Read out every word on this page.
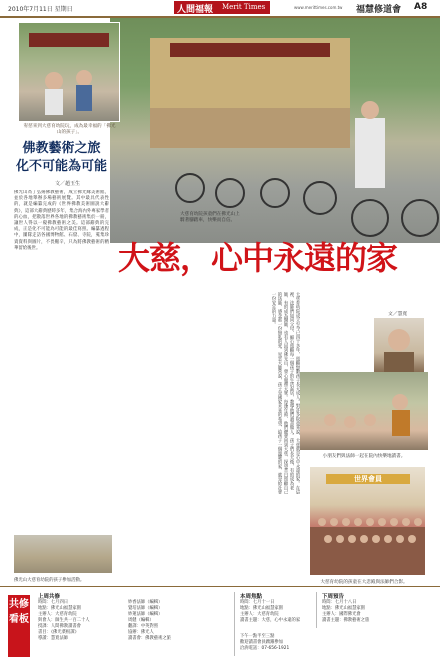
2010年7月11日 星期日	人間福報 Merit Times	www.merittimes.com.tw 福慧修道會 A8
宥慈來到大慈育幼院玩，成為最幸福的「佛光山的孩子」。
大慈育幼院孩童們在佛光山上騎著腳踏車，快樂而自信。
佛教藝術之旅 化不可能為可能
文／趙玉生
佛光山為了弘揚佛教藝術，成立佛光緣美術館，並於各地舉辦多場藝術展覽。其中最具代表性的，就是編纂完成的《世界佛教美術圖說大辭典》，這部大辭典歷時多年，集合海內外專家學者的心血，把散落世界各地的佛教藝術集於一冊，讓世人得以一窺佛教藝術之美。這部辭典的完成，正是化不可能為可能的最佳寫照。編纂過程中，團隊走訪各國博物館、石窟、寺院，蒐集珍貴資料與圖片，不畏艱辛，只為將佛教藝術的精華留給後世。	大慈，心中永遠的家
大慈育幼院成立至今已四十多年，照顧無數孩子長大成人。對許多院童來說，大慈就是心中永遠的家。在這裡，法師們如同父母，細心照顧每一個孩子的生活起居，教導他們讀書做人。孩子們長大後，有的成為老師，有的成為醫師，也有人回到佛光山，發心服務大眾。每逢年節，他們總會回到大慈，探望昔日照顧自己的法師，感念那一份無私的愛。星雲大師常說，孩子是國家未來的希望，給孩子一個溫暖的家，就是給社會一份安定的力量。	文／慧寬
小朋友們與法師一起在院內快樂地讀書。
世界會員
大慈育幼院的孩童在大悲殿與法師們合影。
佛光山大慈育幼院的孩子參加活動。
共修看板
上周共修
時間：七月四日
地點：佛光山福慧家園
主辦人：大慈育幼院
與會人：師生共一百二十人
授課：人間佛教讀書會
書目：《佛光菜根譚》
導讀：慧寬法師
妙香法師（編輯）
覺培法師（編輯）
妙蓮法師（編輯）
周健（編輯）
翻譯：中英對照
協辦：佛光人
讀書會：佛教藝術之旅
本周焦點
時間：七月十一日
地點：佛光山福慧家園
主辦人：大慈育幼院
讀書主題：大慈，心中永遠的家
下周預告
時間：七月十八日
地點：佛光山福慧家園
主辦人：國際佛光會
讀書主題：佛教藝術之旅
下午一點半至三點
歡迎讀書會員踴躍參加
洽詢電話：07-656-1921
